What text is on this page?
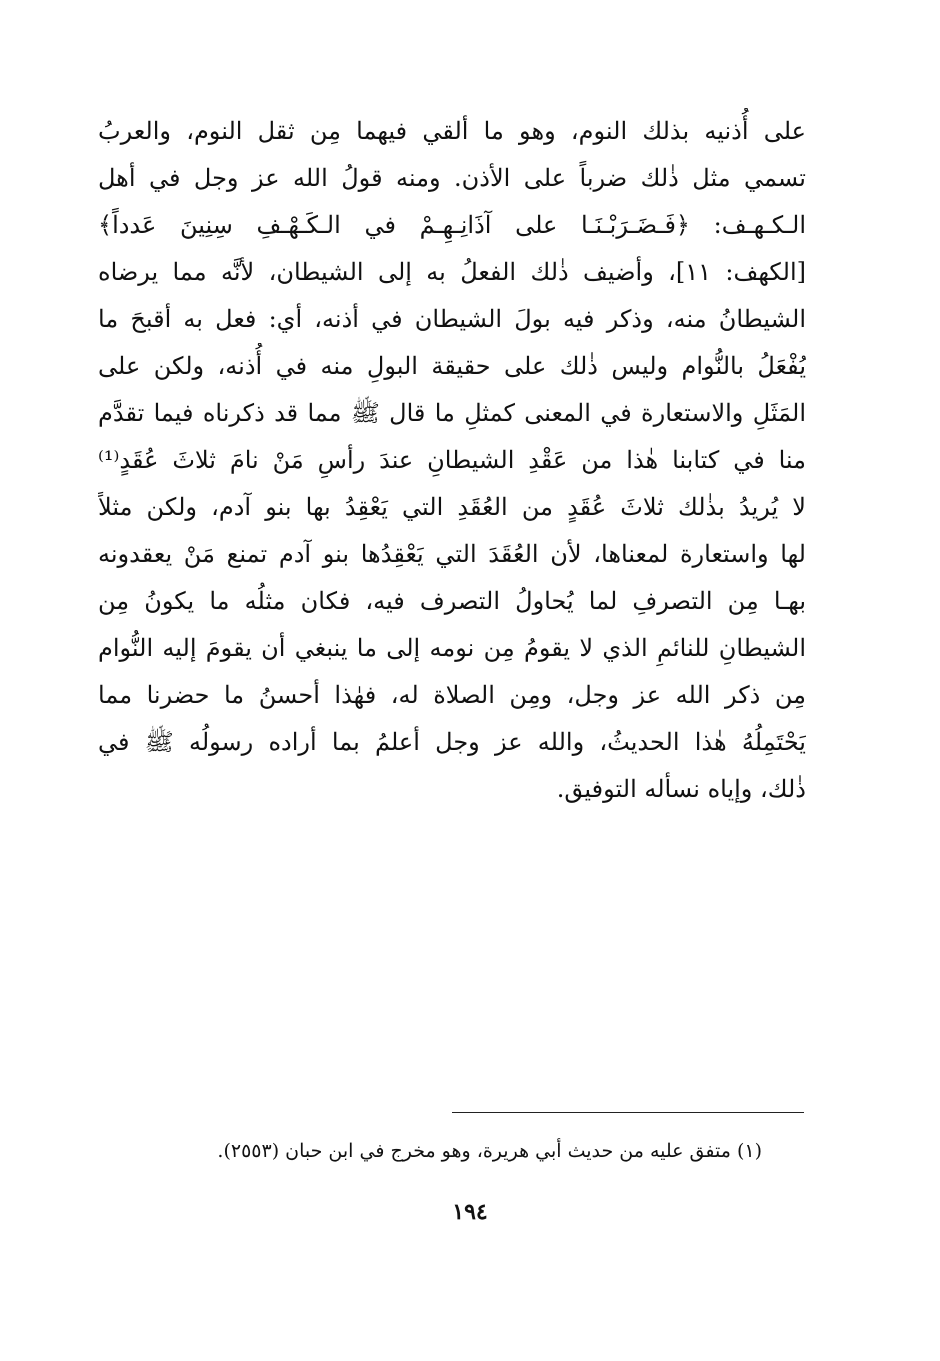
على أُذنيه بذلك النوم، وهو ما ألقي فيهما مِن ثقل النوم، والعربُ
تسمي مثل ذٰلك ضرباً على الأذن. ومنه قولُ الله عز وجل في أهل
الـكـهـف: ﴿فَـضَـرَبْـنَـا على آذَانِـهِـمْ في الـكَـهْـفِ سِنِينَ عَدداً﴾
[الكهف: ١١]، وأضيف ذٰلك الفعلُ به إلى الشيطان، لأنَّه مما يرضاه
الشيطانُ منه، وذكر فيه بولَ الشيطان في أذنه، أي: فعل به أقبحَ ما
يُفْعَلُ بالنُّوام وليس ذٰلك على حقيقة البولِ منه في أُذنه، ولكن على
المَثَلِ والاستعارة في المعنى كمثلِ ما قال ﷺ مما قد ذكرناه فيما تقدَّم
منا في كتابنا هٰذا من عَقْدِ الشيطانِ عندَ رأسِ مَنْ نامَ ثلاثَ عُقَدٍ⁽¹⁾
لا يُريدُ بذٰلك ثلاثَ عُقَدٍ من العُقَدِ التي يَعْقِدُ بها بنو آدم، ولكن مثلاً
لها واستعارة لمعناها، لأن العُقَدَ التي يَعْقِدُها بنو آدم تمنع مَنْ يعقدونه
بهـا مِن التصرفِ لما يُحاولُ التصرف فيه، فكان مثلُه ما يكونُ مِن
الشيطانِ للنائمِ الذي لا يقومُ مِن نومه إلى ما ينبغي أن يقومَ إليه النُّوام
مِن ذكر الله عز وجل، ومِن الصلاة له، فهٰذا أحسنُ ما حضرنا مما
يَحْتَمِلُهُ هٰذا الحديثُ، والله عز وجل أعلمُ بما أراده رسولُه ﷺ في
ذٰلك، وإياه نسأله التوفيق.
(١) متفق عليه من حديث أبي هريرة، وهو مخرج في ابن حبان (٢٥٥٣).
١٩٤
